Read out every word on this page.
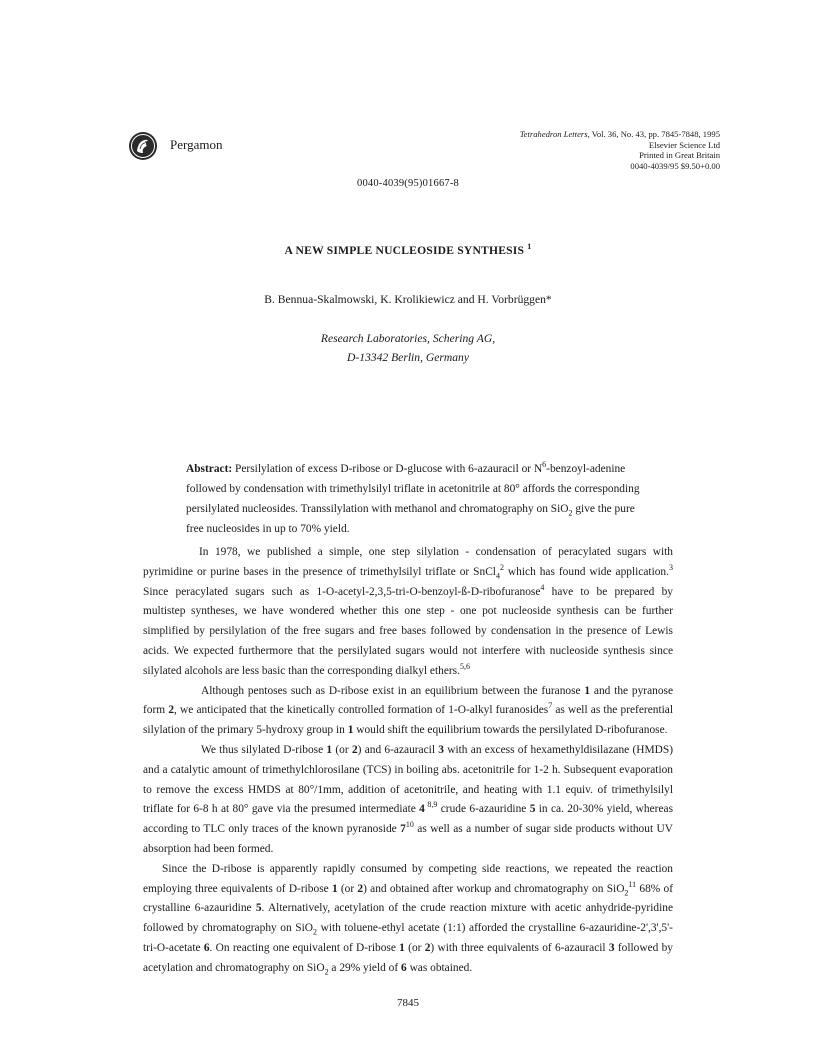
Pergamon
Tetrahedron Letters, Vol. 36, No. 43, pp. 7845-7848, 1995
Elsevier Science Ltd
Printed in Great Britain
0040-4039/95 $9.50+0.00
0040-4039(95)01667-8
A NEW SIMPLE NUCLEOSIDE SYNTHESIS $^1$
B. Bennua-Skalmowski, K. Krolikiewicz and H. Vorbrüggen*
Research Laboratories, Schering AG,
D-13342 Berlin, Germany
Abstract: Persilylation of excess D-ribose or D-glucose with 6-azauracil or $N^6-benzoyl$-adenine followed by condensation with trimethylsilyl triflate in acetonitrile at 80° affords the corresponding persilylated nucleosides. Transsilylation with methanol and chromatography on SiO$_2$ give the pure free nucleosides in up to 70% yield.

In 1978, we published a simple, one step silylation - condensation of peracylated sugars with pyrimidine or purine bases in the presence of trimethylsilyl triflate or SnCl$_4^2$ which has found wide application.$^3$ Since peracylated sugars such as 1-O-acetyl-2,3,5-tri-O-benzoyl-ß-D-ribofuranose$^4$ have to be prepared by multistep syntheses, we have wondered whether this one step - one pot nucleoside synthesis can be further simplified by persilylation of the free sugars and free bases followed by condensation in the presence of Lewis acids. We expected furthermore that the persilylated sugars would not interfere with nucleoside synthesis since silylated alcohols are less basic than the corresponding dialkyl ethers.$^{5,6}$

Although pentoses such as D-ribose exist in an equilibrium between the furanose 1 and the pyranose form 2, we anticipated that the kinetically controlled formation of 1-O-alkyl furanosides$^7$ as well as the preferential silylation of the primary 5-hydroxy group in 1 would shift the equilibrium towards the persilylated D-ribofuranose.

We thus silylated D-ribose 1 (or 2) and 6-azauracil 3 with an excess of hexamethyldisilazane (HMDS) and a catalytic amount of trimethylchlorosilane (TCS) in boiling abs. acetonitrile for 1-2 h. Subsequent evaporation to remove the excess HMDS at 80°/1mm, addition of acetonitrile, and heating with 1.1 equiv. of trimethylsilyl triflate for 6-8 h at 80° gave via the presumed intermediate 4 $^{8,9}$ crude 6-azauridine 5 in ca. 20-30% yield, whereas according to TLC only traces of the known pyranoside $7^{10}$ as well as a number of sugar side products without UV absorption had been formed.

Since the D-ribose is apparently rapidly consumed by competing side reactions, we repeated the reaction employing three equivalents of D-ribose 1 (or 2) and obtained after workup and chromatography on SiO$_2^{11}$ 68% of crystalline 6-azauridine 5. Alternatively, acetylation of the crude reaction mixture with acetic anhydride-pyridine followed by chromatography on SiO$_2$ with toluene-ethyl acetate (1:1) afforded the crystalline 6-azauridine-2',3',5'-tri-O-acetate 6. On reacting one equivalent of D-ribose 1 (or 2) with three equivalents of 6-azauracil 3 followed by acetylation and chromatography on SiO$_2$ a 29% yield of 6 was obtained.

7845
